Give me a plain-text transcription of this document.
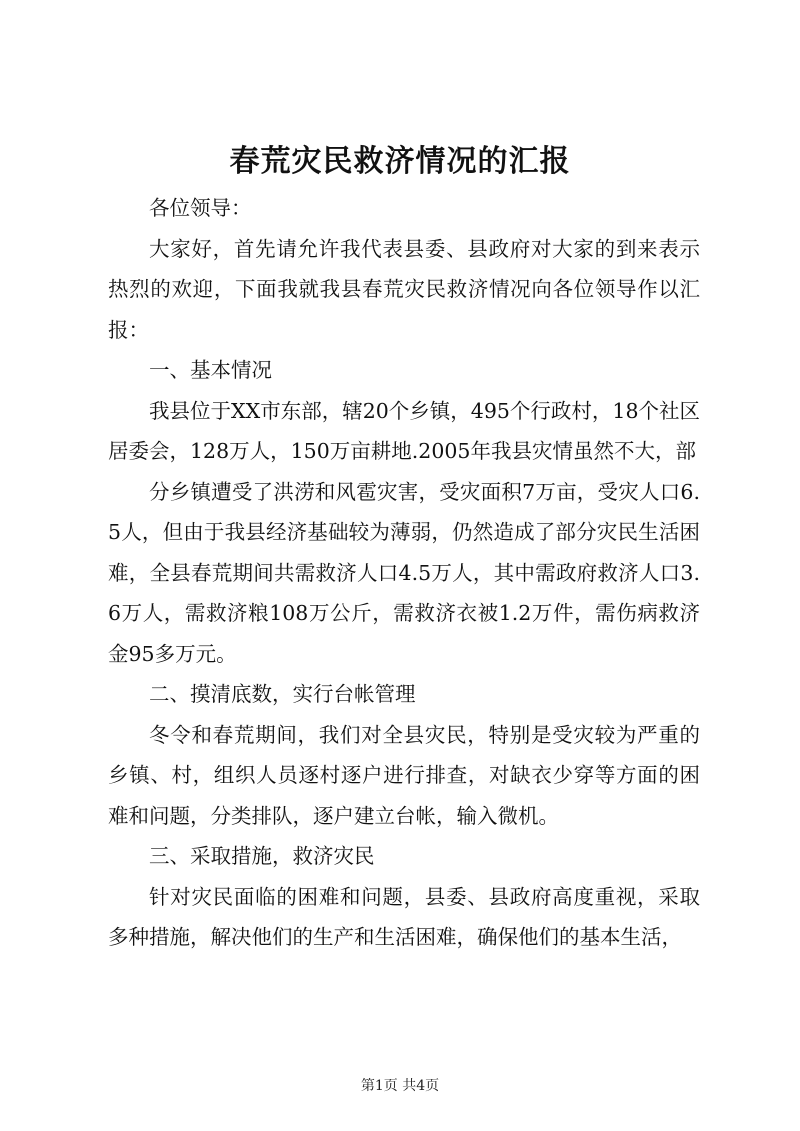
春荒灾民救济情况的汇报

各位领导：

大家好，首先请允许我代表县委、县政府对大家的到来表示热烈的欢迎，下面我就我县春荒灾民救济情况向各位领导作以汇报：

一、基本情况

我县位于XX市东部，辖20个乡镇，495个行政村，18个社区居委会，128万人，150万亩耕地.2005年我县灾情虽然不大，部

分乡镇遭受了洪涝和风雹灾害，受灾面积7万亩，受灾人口6.5人，但由于我县经济基础较为薄弱，仍然造成了部分灾民生活困难，全县春荒期间共需救济人口4.5万人，其中需政府救济人口3.6万人，需救济粮108万公斤，需救济衣被1.2万件，需伤病救济金95多万元。

二、摸清底数，实行台帐管理

冬令和春荒期间，我们对全县灾民，特别是受灾较为严重的乡镇、村，组织人员逐村逐户进行排查，对缺衣少穿等方面的困难和问题，分类排队，逐户建立台帐，输入微机。

三、采取措施，救济灾民

针对灾民面临的困难和问题，县委、县政府高度重视，采取多种措施，解决他们的生产和生活困难，确保他们的基本生活，

第1页 共4页
